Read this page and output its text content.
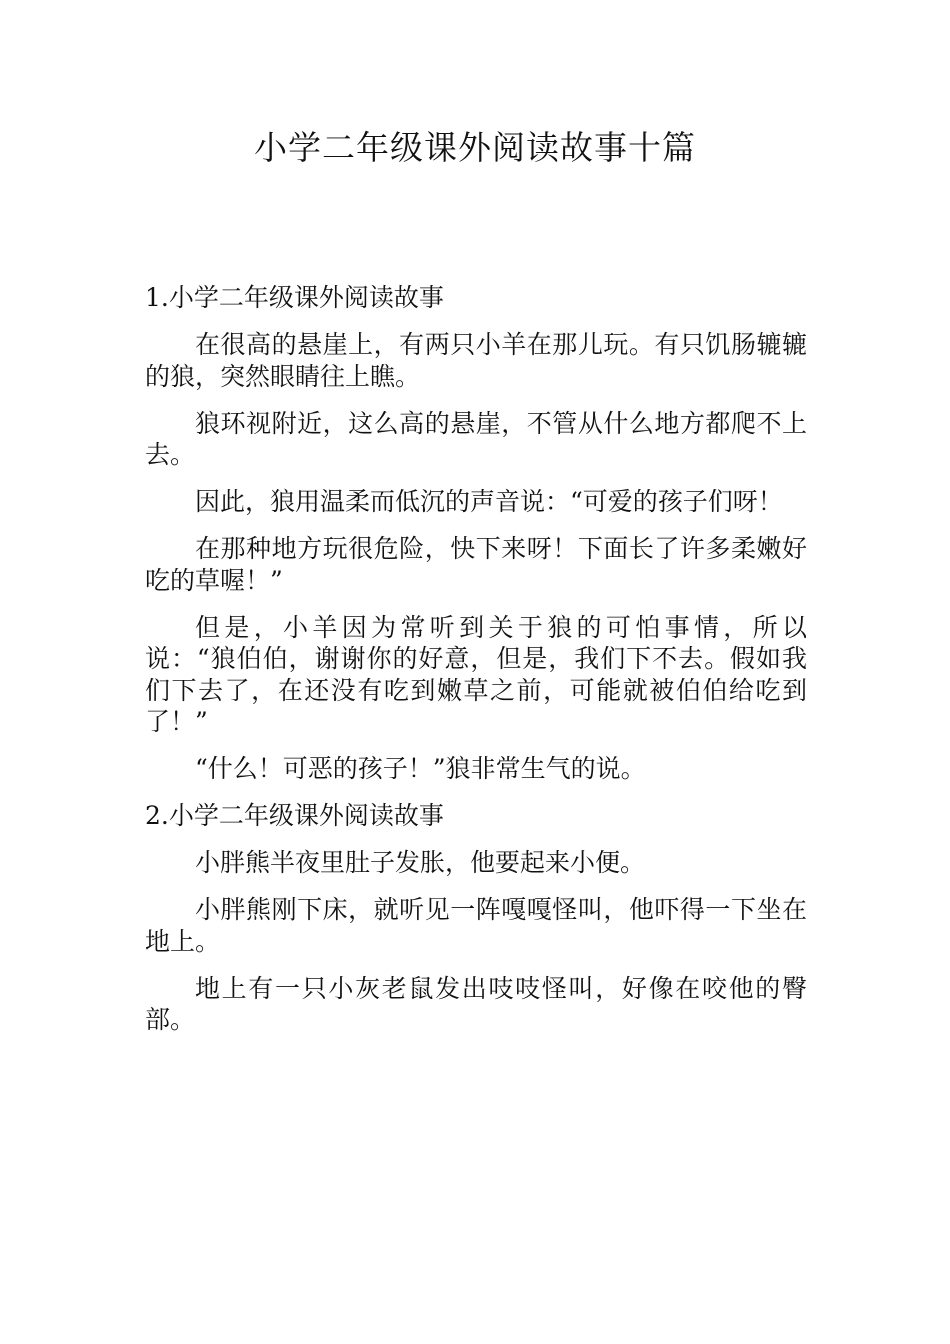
小学二年级课外阅读故事十篇

1.小学二年级课外阅读故事

在很高的悬崖上，有两只小羊在那儿玩。有只饥肠辘辘的狼，突然眼睛往上瞧。

狼环视附近，这么高的悬崖，不管从什么地方都爬不上去。

因此，狼用温柔而低沉的声音说：“可爱的孩子们呀！

在那种地方玩很危险，快下来呀！下面长了许多柔嫩好吃的草喔！”

但是，小羊因为常听到关于狼的可怕事情，所以说：“狼伯伯，谢谢你的好意，但是，我们下不去。假如我们下去了，在还没有吃到嫩草之前，可能就被伯伯给吃到了！”

“什么！可恶的孩子！”狼非常生气的说。

2.小学二年级课外阅读故事

小胖熊半夜里肚子发胀，他要起来小便。

小胖熊刚下床，就听见一阵嘎嘎怪叫，他吓得一下坐在地上。

地上有一只小灰老鼠发出吱吱怪叫，好像在咬他的臀部。
